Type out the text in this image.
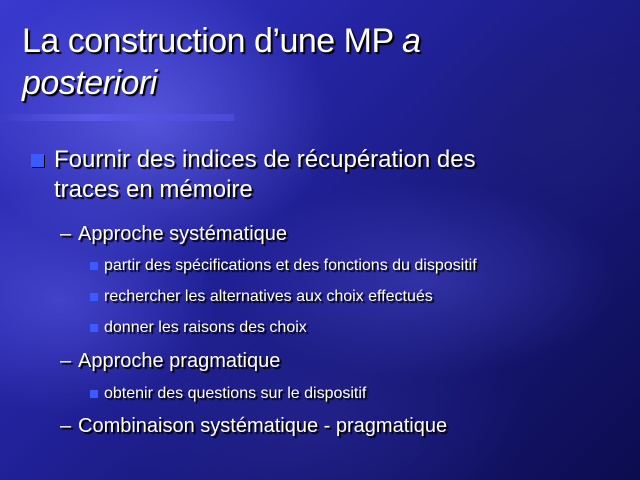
La construction d’une MP a
posteriori
Fournir des indices de récupération des traces en mémoire
– Approche systématique
partir des spécifications et des fonctions du dispositif
rechercher les alternatives aux choix effectués
donner les raisons des choix
– Approche pragmatique
obtenir des questions sur le dispositif
– Combinaison systématique - pragmatique
